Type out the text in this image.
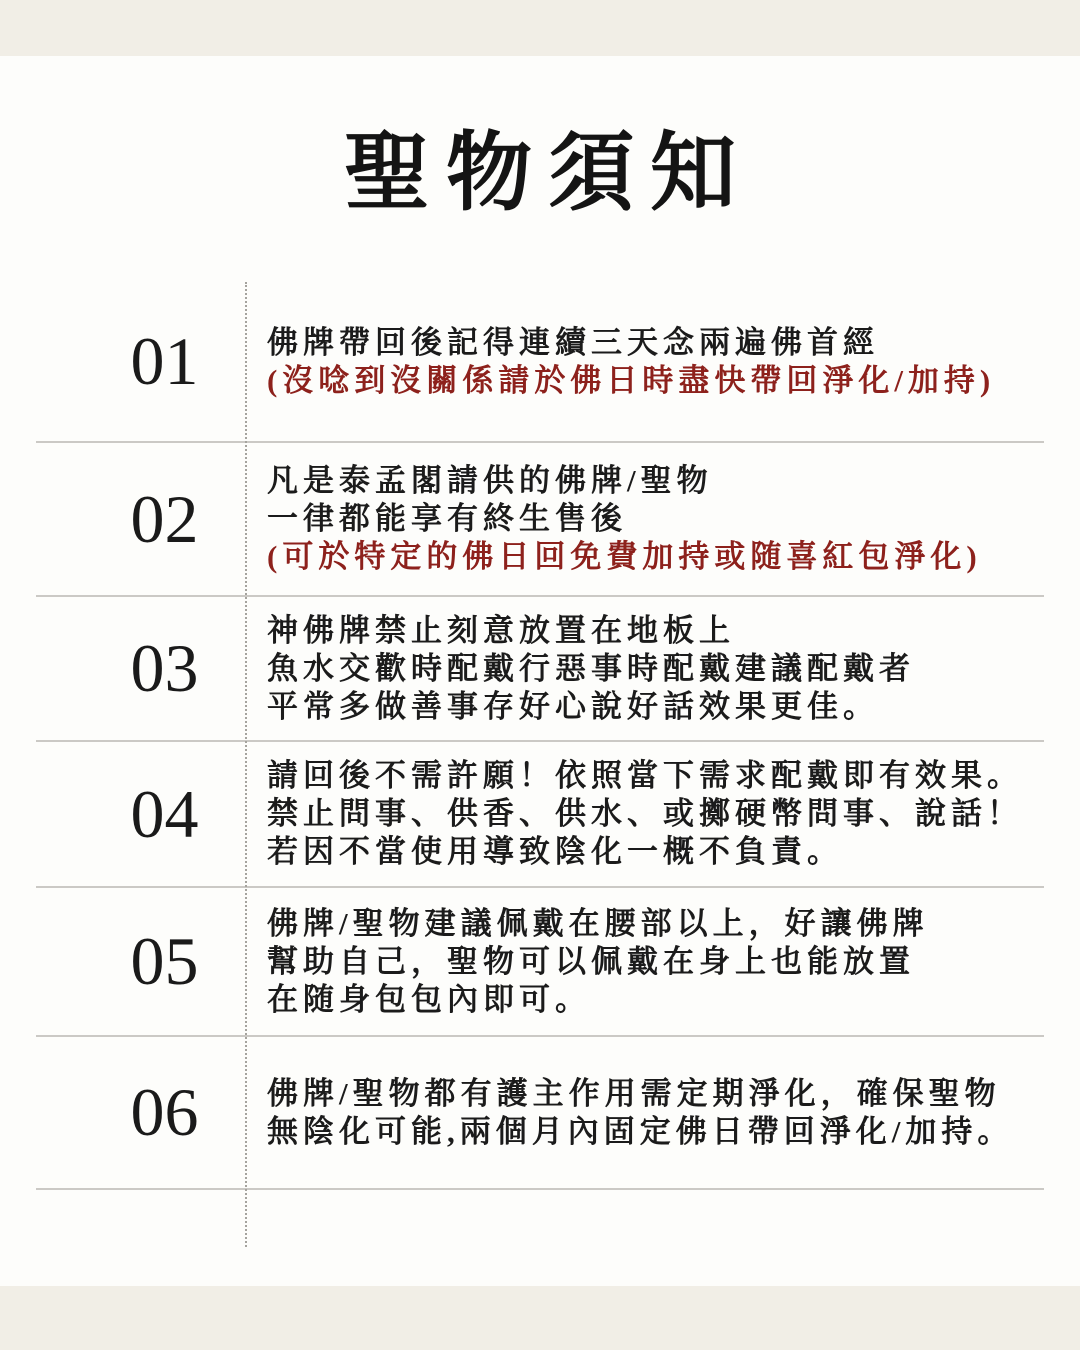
聖物須知
01	佛牌帶回後記得連續三天念兩遍佛首經

(沒唸到沒關係請於佛日時盡快帶回淨化/加持)

02	凡是泰孟閣請供的佛牌/聖物

一律都能享有終生售後

(可於特定的佛日回免費加持或随喜紅包淨化)

03	神佛牌禁止刻意放置在地板上

魚水交歡時配戴行惡事時配戴建議配戴者

平常多做善事存好心說好話效果更佳。

04	請回後不需許願！依照當下需求配戴即有效果。

禁止問事、供香、供水、或擲硬幣問事、說話！

若因不當使用導致陰化一概不負責。

05	佛牌/聖物建議佩戴在腰部以上，好讓佛牌

幫助自己，聖物可以佩戴在身上也能放置

在随身包包內即可。

06	佛牌/聖物都有護主作用需定期淨化，確保聖物

無陰化可能,兩個月內固定佛日帶回淨化/加持。
